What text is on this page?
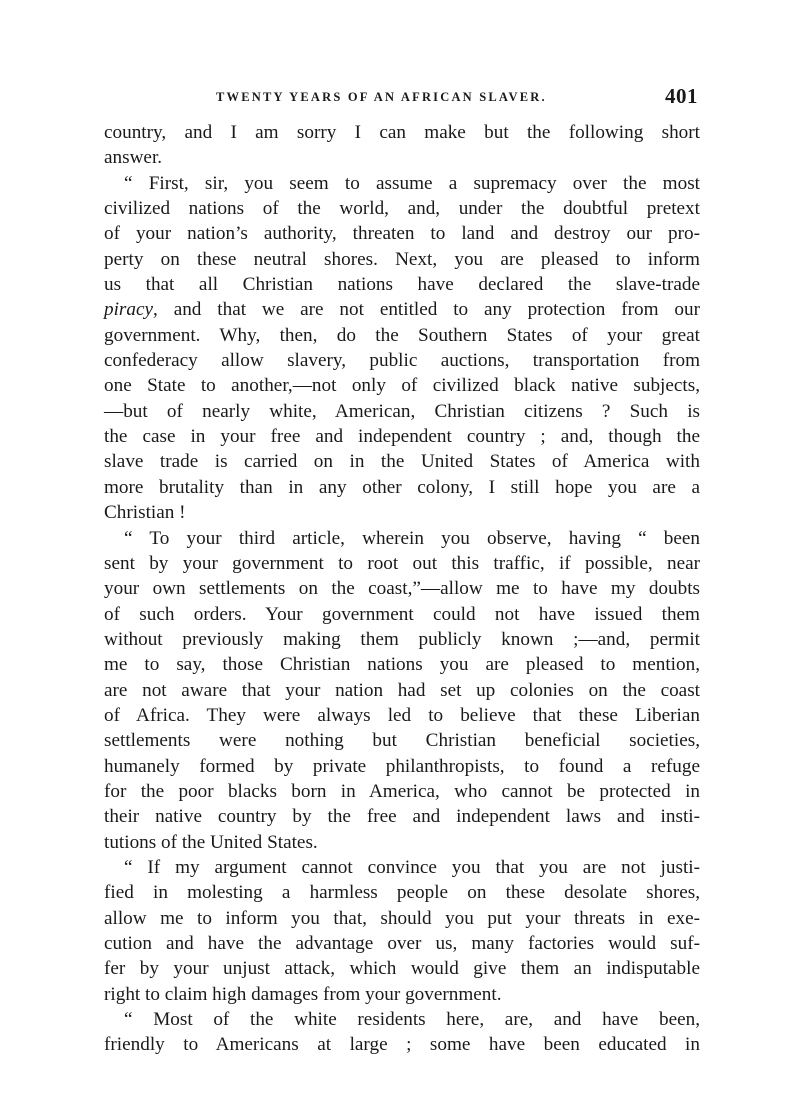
TWENTY YEARS OF AN AFRICAN SLAVER.	401
country, and I am sorry I can make but the following short
answer.
“ First, sir, you seem to assume a supremacy over the most
civilized nations of the world, and, under the doubtful pretext
of your nation’s authority, threaten to land and destroy our pro-
perty on these neutral shores. Next, you are pleased to inform
us that all Christian nations have declared the slave-trade
piracy, and that we are not entitled to any protection from our
government. Why, then, do the Southern States of your great
confederacy allow slavery, public auctions, transportation from
one State to another,—not only of civilized black native subjects,
—but of nearly white, American, Christian citizens ? Such is
the case in your free and independent country ; and, though the
slave trade is carried on in the United States of America with
more brutality than in any other colony, I still hope you are a
Christian !
“ To your third article, wherein you observe, having “ been
sent by your government to root out this traffic, if possible, near
your own settlements on the coast,”—allow me to have my doubts
of such orders. Your government could not have issued them
without previously making them publicly known ;—and, permit
me to say, those Christian nations you are pleased to mention,
are not aware that your nation had set up colonies on the coast
of Africa. They were always led to believe that these Liberian
settlements were nothing but Christian beneficial societies,
humanely formed by private philanthropists, to found a refuge
for the poor blacks born in America, who cannot be protected in
their native country by the free and independent laws and insti-
tutions of the United States.
“ If my argument cannot convince you that you are not justi-
fied in molesting a harmless people on these desolate shores,
allow me to inform you that, should you put your threats in exe-
cution and have the advantage over us, many factories would suf-
fer by your unjust attack, which would give them an indisputable
right to claim high damages from your government.
“ Most of the white residents here, are, and have been,
friendly to Americans at large ; some have been educated in
